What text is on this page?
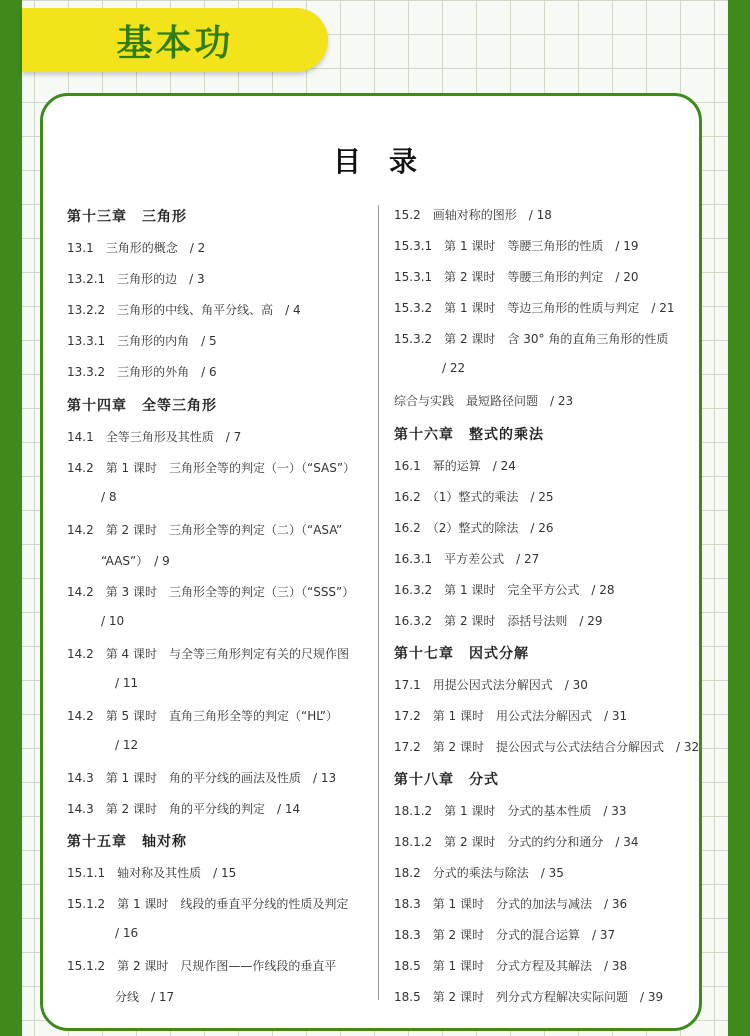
基本功
目录
第十三章　三角形
13.1　三角形的概念　/ 2
13.2.1　三角形的边　/ 3
13.2.2　三角形的中线、角平分线、高　/ 4
13.3.1　三角形的内角　/ 5
13.3.2　三角形的外角　/ 6
第十四章　全等三角形
14.1　全等三角形及其性质　/ 7
14.2　第 1 课时　三角形全等的判定（一）（“SAS”）
/ 8
14.2　第 2 课时　三角形全等的判定（二）（“ASA”
“AAS”）　/ 9
14.2　第 3 课时　三角形全等的判定（三）（“SSS”）
/ 10
14.2　第 4 课时　与全等三角形判定有关的尺规作图
/ 11
14.2　第 5 课时　直角三角形全等的判定（“HL”）
/ 12
14.3　第 1 课时　角的平分线的画法及性质　/ 13
14.3　第 2 课时　角的平分线的判定　/ 14
第十五章　轴对称
15.1.1　轴对称及其性质　/ 15
15.1.2　第 1 课时　线段的垂直平分线的性质及判定
/ 16
15.1.2　第 2 课时　尺规作图——作线段的垂直平
分线　/ 17
15.2　画轴对称的图形　/ 18
15.3.1　第 1 课时　等腰三角形的性质　/ 19
15.3.1　第 2 课时　等腰三角形的判定　/ 20
15.3.2　第 1 课时　等边三角形的性质与判定　/ 21
15.3.2　第 2 课时　含 30° 角的直角三角形的性质
/ 22
综合与实践　最短路径问题　/ 23
第十六章　整式的乘法
16.1　幂的运算　/ 24
16.2　（1）整式的乘法　/ 25
16.2　（2）整式的除法　/ 26
16.3.1　平方差公式　/ 27
16.3.2　第 1 课时　完全平方公式　/ 28
16.3.2　第 2 课时　添括号法则　/ 29
第十七章　因式分解
17.1　用提公因式法分解因式　/ 30
17.2　第 1 课时　用公式法分解因式　/ 31
17.2　第 2 课时　提公因式与公式法结合分解因式　/ 32
第十八章　分式
18.1.2　第 1 课时　分式的基本性质　/ 33
18.1.2　第 2 课时　分式的约分和通分　/ 34
18.2　分式的乘法与除法　/ 35
18.3　第 1 课时　分式的加法与减法　/ 36
18.3　第 2 课时　分式的混合运算　/ 37
18.5　第 1 课时　分式方程及其解法　/ 38
18.5　第 2 课时　列分式方程解决实际问题　/ 39
